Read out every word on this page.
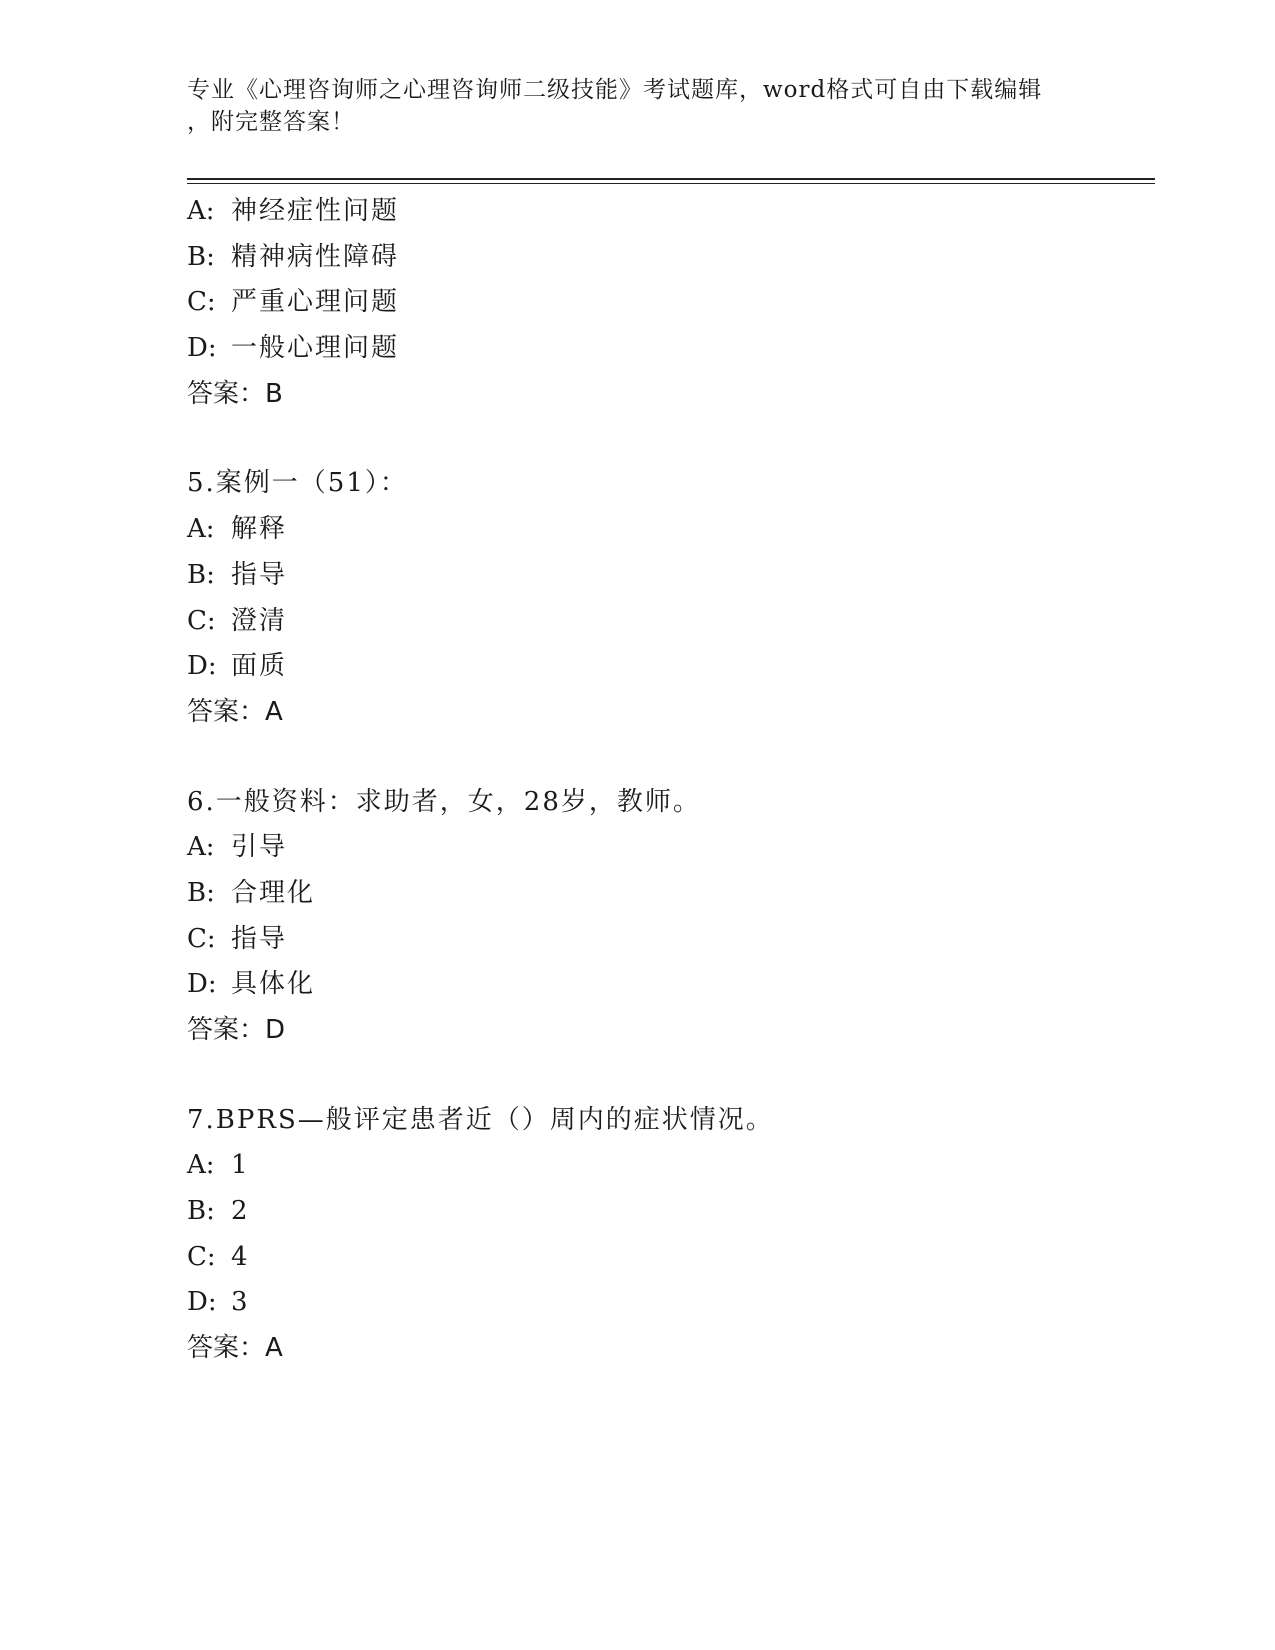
专业《心理咨询师之心理咨询师二级技能》考试题库，word格式可自由下载编辑
，附完整答案！
A: 神经症性问题
B: 精神病性障碍
C: 严重心理问题
D: 一般心理问题
答案：B
5.案例一（51）：
A: 解释
B: 指导
C: 澄清
D: 面质
答案：A
6.一般资料：求助者，女，28岁，教师。
A: 引导
B: 合理化
C: 指导
D: 具体化
答案：D
7.BPRS—般评定患者近（）周内的症状情况。
A: 1
B: 2
C: 4
D: 3
答案：A
